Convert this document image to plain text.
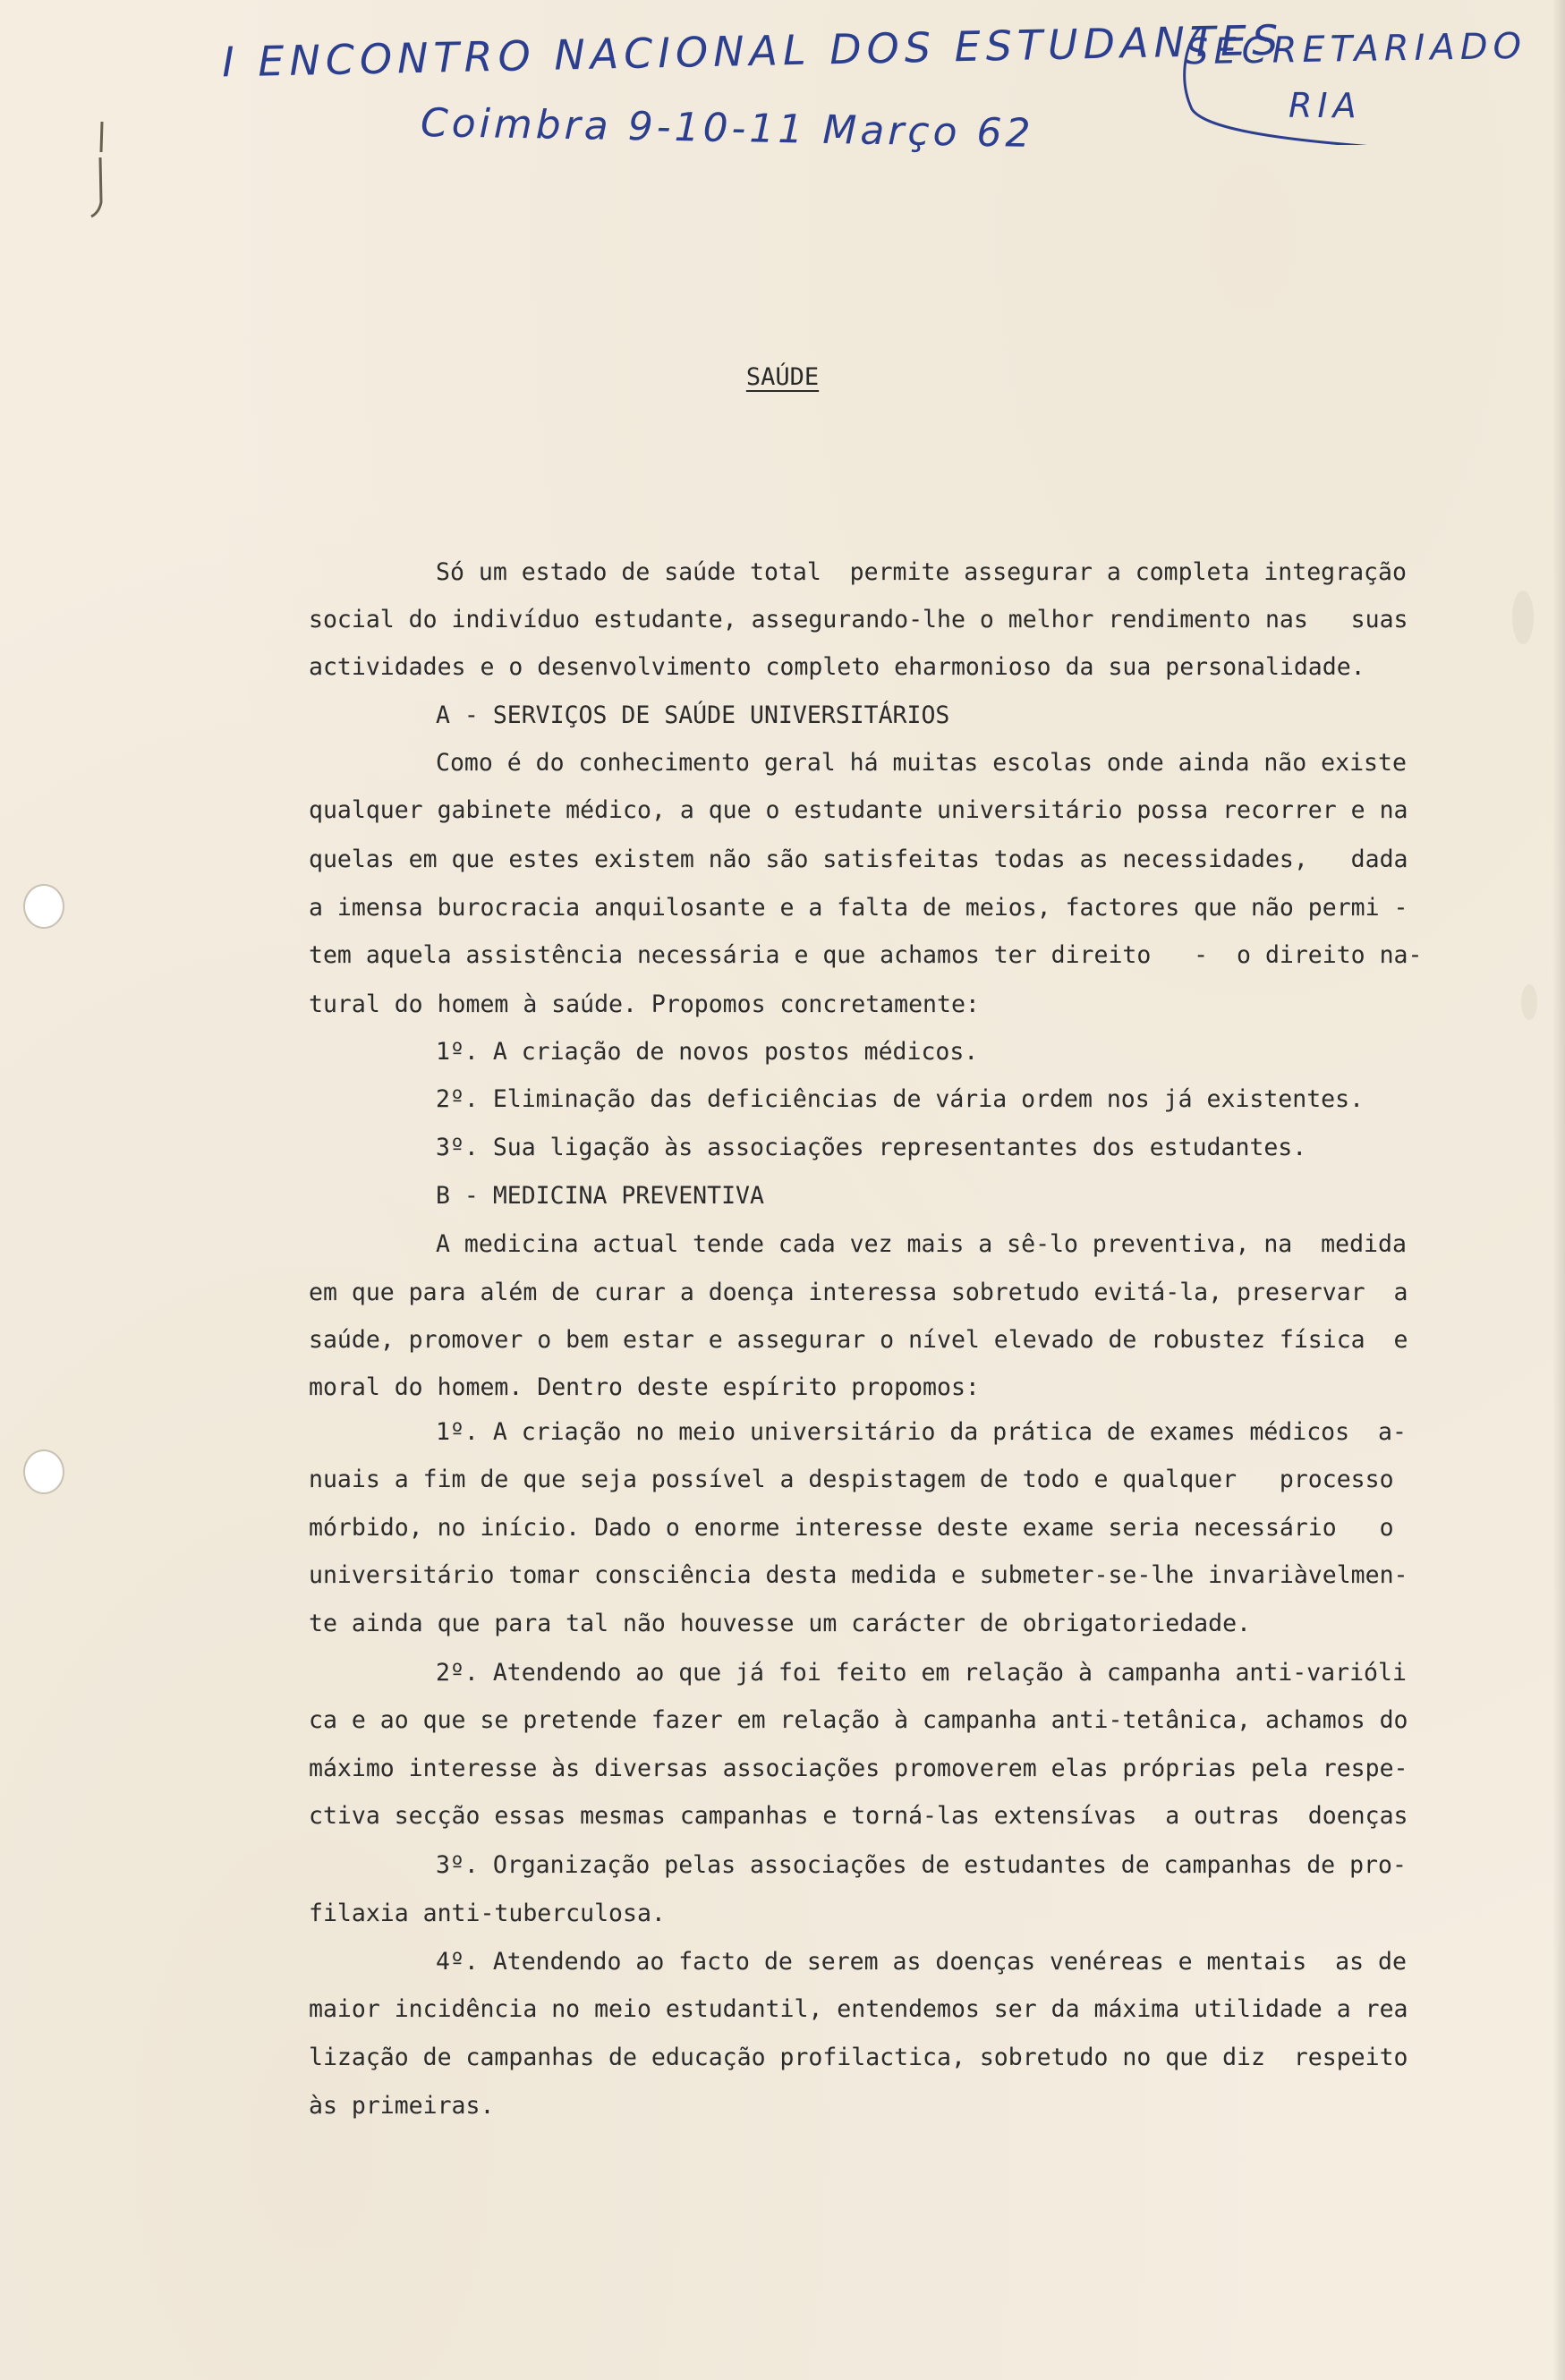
I ENCONTRO NACIONAL DOS ESTUDANTES
Coimbra 9-10-11 Março 62
SECRETARIADO
RIA
SAÚDE
Só um estado de saúde total  permite assegurar a completa integração
social do indivíduo estudante, assegurando-lhe o melhor rendimento nas   suas
actividades e o desenvolvimento completo eharmonioso da sua personalidade.
A - SERVIÇOS DE SAÚDE UNIVERSITÁRIOS
Como é do conhecimento geral há muitas escolas onde ainda não existe
qualquer gabinete médico, a que o estudante universitário possa recorrer e na
quelas em que estes existem não são satisfeitas todas as necessidades,   dada
a imensa burocracia anquilosante e a falta de meios, factores que não permi -
tem aquela assistência necessária e que achamos ter direito   -  o direito na-
tural do homem à saúde. Propomos concretamente:
1º. A criação de novos postos médicos.
2º. Eliminação das deficiências de vária ordem nos já existentes.
3º. Sua ligação às associações representantes dos estudantes.
B - MEDICINA PREVENTIVA
A medicina actual tende cada vez mais a sê-lo preventiva, na  medida
em que para além de curar a doença interessa sobretudo evitá-la, preservar  a
saúde, promover o bem estar e assegurar o nível elevado de robustez física  e
moral do homem. Dentro deste espírito propomos:
1º. A criação no meio universitário da prática de exames médicos  a-
nuais a fim de que seja possível a despistagem de todo e qualquer   processo
mórbido, no início. Dado o enorme interesse deste exame seria necessário   o
universitário tomar consciência desta medida e submeter-se-lhe invariàvelmen-
te ainda que para tal não houvesse um carácter de obrigatoriedade.
2º. Atendendo ao que já foi feito em relação à campanha anti-varióli
ca e ao que se pretende fazer em relação à campanha anti-tetânica, achamos do
máximo interesse às diversas associações promoverem elas próprias pela respe-
ctiva secção essas mesmas campanhas e torná-las extensívas  a outras  doenças
3º. Organização pelas associações de estudantes de campanhas de pro-
filaxia anti-tuberculosa.
4º. Atendendo ao facto de serem as doenças venéreas e mentais  as de
maior incidência no meio estudantil, entendemos ser da máxima utilidade a rea
lização de campanhas de educação profilactica, sobretudo no que diz  respeito
às primeiras.
